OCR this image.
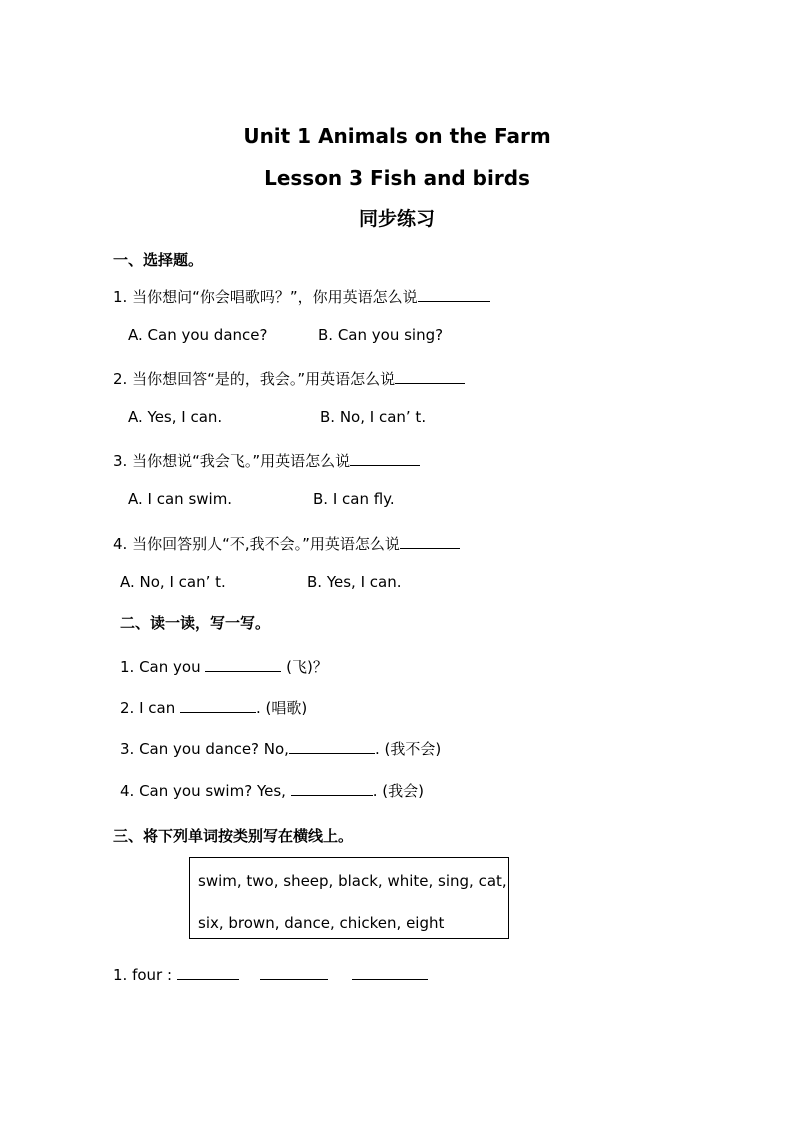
Unit 1 Animals on the Farm
Lesson 3 Fish and birds
同步练习
一、选择题。
1. 当你想问“你会唱歌吗？”，你用英语怎么说
A. Can you dance?	B. Can you sing?
2. 当你想回答“是的，我会。”用英语怎么说
A. Yes, I can.	B. No, I can’ t.
3. 当你想说“我会飞。”用英语怎么说
A. I can swim.	B. I can fly.
4. 当你回答别人“不,我不会。”用英语怎么说
A. No, I can’ t.	B. Yes, I can.
二、读一读，写一写。
1. Can you	(飞)？
2. I can	. (唱歌)
3. Can you dance? No,	. (我不会)
4. Can you swim? Yes,	. (我会)
三、将下列单词按类别写在横线上。
swim, two, sheep, black, white, sing, cat,
six, brown, dance, chicken, eight
1. four :
